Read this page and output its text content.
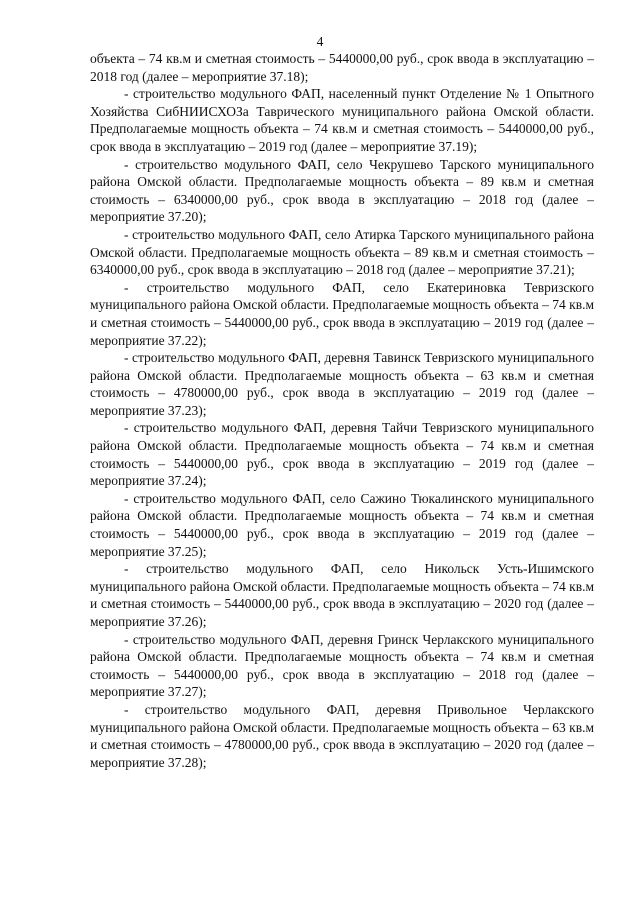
4

объекта – 74 кв.м и сметная стоимость – 5440000,00 руб., срок ввода в эксплуатацию – 2018 год (далее – мероприятие 37.18);

- строительство модульного ФАП, населенный пункт Отделение № 1 Опытного Хозяйства СибНИИСХОЗа Таврического муниципального района Омской области. Предполагаемые мощность объекта – 74 кв.м и сметная стоимость – 5440000,00 руб., срок ввода в эксплуатацию – 2019 год (далее – мероприятие 37.19);

- строительство модульного ФАП, село Чекрушево Тарского муниципального района Омской области. Предполагаемые мощность объекта – 89 кв.м и сметная стоимость – 6340000,00 руб., срок ввода в эксплуатацию – 2018 год (далее – мероприятие 37.20);

- строительство модульного ФАП, село Атирка Тарского муниципального района Омской области. Предполагаемые мощность объекта – 89 кв.м и сметная стоимость – 6340000,00 руб., срок ввода в эксплуатацию – 2018 год (далее – мероприятие 37.21);

- строительство модульного ФАП, село Екатериновка Тевризского муниципального района Омской области. Предполагаемые мощность объекта – 74 кв.м и сметная стоимость – 5440000,00 руб., срок ввода в эксплуатацию – 2019 год (далее – мероприятие 37.22);

- строительство модульного ФАП, деревня Тавинск Тевризского муниципального района Омской области. Предполагаемые мощность объекта – 63 кв.м и сметная стоимость – 4780000,00 руб., срок ввода в эксплуатацию – 2019 год (далее – мероприятие 37.23);

- строительство модульного ФАП, деревня Тайчи Тевризского муниципального района Омской области. Предполагаемые мощность объекта – 74 кв.м и сметная стоимость – 5440000,00 руб., срок ввода в эксплуатацию – 2019 год (далее – мероприятие 37.24);

- строительство модульного ФАП, село Сажино Тюкалинского муниципального района Омской области. Предполагаемые мощность объекта – 74 кв.м и сметная стоимость – 5440000,00 руб., срок ввода в эксплуатацию – 2019 год (далее – мероприятие 37.25);

- строительство модульного ФАП, село Никольск Усть-Ишимского муниципального района Омской области. Предполагаемые мощность объекта – 74 кв.м и сметная стоимость – 5440000,00 руб., срок ввода в эксплуатацию – 2020 год (далее – мероприятие 37.26);

- строительство модульного ФАП, деревня Гринск Черлакского муниципального района Омской области. Предполагаемые мощность объекта – 74 кв.м и сметная стоимость – 5440000,00 руб., срок ввода в эксплуатацию – 2018 год (далее – мероприятие 37.27);

- строительство модульного ФАП, деревня Привольное Черлакского муниципального района Омской области. Предполагаемые мощность объекта – 63 кв.м и сметная стоимость – 4780000,00 руб., срок ввода в эксплуатацию – 2020 год (далее – мероприятие 37.28);
